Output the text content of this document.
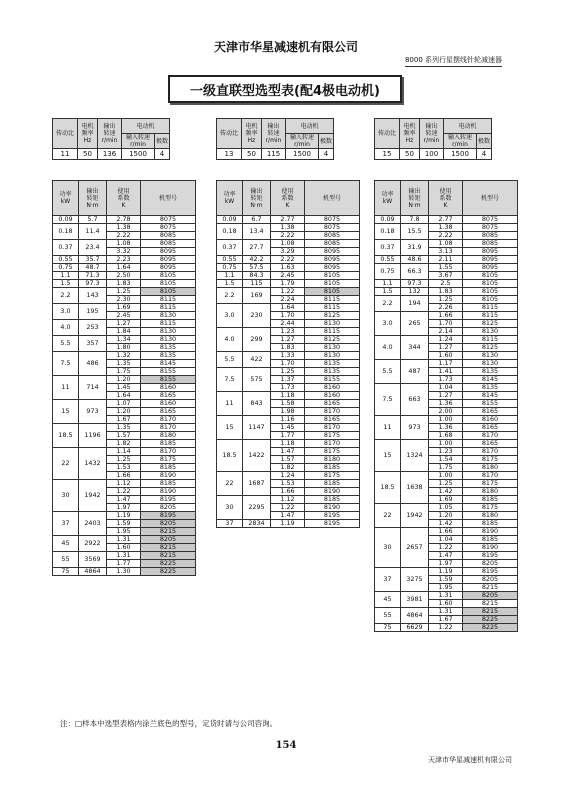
天津市华星减速机有限公司
8000 系列行星摆线针轮减速器
一级直联型选型表(配4极电动机)
传动比	电机
频率
Hz	输出
转速
r/min	电动机	
			输入转速
r/min	极数
11	50	136	1500	4
传动比	电机
频率
Hz	输出
转速
r/min	电动机	
			输入转速
r/min	极数
13	50	115	1500	4
传动比	电机
频率
Hz	输出
转速
r/min	电动机	
			输入转速
r/min	极数
15	50	100	1500	4
功率
kW	输出
转矩
N·m	使用
系数
K	机型号
0.09	5.7	2.78	8075
0.18	11.4	1.38	8075
		2.22	8085
0.37	23.4	1.08	8085
		3.32	8095
0.55	35.7	2.23	8095
0.75	48.7	1.64	8095
1.1	71.3	2.50	8105
1.5	97.3	1.83	8105
2.2	143	1.25	8105
		2.30	8115
3.0	195	1.69	8115
		2.45	8130
4.0	253	1.27	8115
		1.84	8130
5.5	357	1.34	8130
		1.80	8135
7.5	486	1.32	8135
		1.35	8145
		1.75	8155
11	714	1.20	8155
		1.45	8160
		1.64	8165
15	973	1.07	8160
		1.20	8165
		1.67	8170
18.5	1196	1.35	8170
		1.57	8180
		1.82	8185
22	1432	1.14	8170
		1.25	8175
		1.53	8185
		1.66	8190
30	1942	1.12	8185
		1.22	8190
		1.47	8195
		1.97	8205
37	2403	1.19	8195
		1.59	8205
		1.95	8215
45	2922	1.31	8205
		1.60	8215
55	3569	1.31	8215
		1.77	8225
75	4864	1.30	8225
功率
kW	输出
转矩
N·m	使用
系数
K	机型号
0.09	6.7	2.77	8075
0.18	13.4	1.38	8075
		2.22	8085
0.37	27.7	1.08	8085
		3.29	8095
0.55	42.2	2.22	8095
0.75	57.5	1.63	8095
1.1	84.3	2.45	8105
1.5	115	1.79	8105
2.2	169	1.22	8105
		2.24	8115
3.0	230	1.64	8115
		1.70	8125
		2.44	8130
4.0	299	1.23	8115
		1.27	8125
		1.83	8130
5.5	422	1.33	8130
		1.70	8135
7.5	575	1.25	8135
		1.37	8155
		1.73	8160
11	843	1.18	8160
		1.58	8165
		1.98	8170
15	1147	1.16	8165
		1.45	8170
		1.77	8175
18.5	1422	1.18	8170
		1.47	8175
		1.57	8180
		1.82	8185
22	1687	1.24	8175
		1.53	8185
		1.66	8190
30	2295	1.12	8185
		1.22	8190
		1.47	8195
37	2834	1.19	8195
功率
kW	输出
转矩
N·m	使用
系数
K	机型号
0.09	7.8	2.77	8075
0.18	15.5	1.38	8075
		2.22	8085
0.37	31.9	1.08	8085
		3.13	8095
0.55	48.6	2.11	8095
0.75	66.3	1.55	8095
		3.67	8105
1.1	97.3	2.5	8105
1.5	132	1.83	8105
2.2	194	1.25	8105
		2.26	8115
3.0	265	1.66	8115
		1.70	8125
		2.14	8130
4.0	344	1.24	8115
		1.27	8125
		1.60	8130
5.5	487	1.17	8130
		1.41	8135
		1.73	8145
7.5	663	1.04	8135
		1.27	8145
		1.36	8155
		2.00	8165
11	973	1.00	8160
		1.36	8165
		1.68	8170
15	1324	1.00	8165
		1.23	8170
		1.54	8175
		1.75	8180
18.5	1638	1.00	8170
		1.25	8175
		1.42	8180
		1.69	8185
22	1942	1.05	8175
		1.20	8180
		1.42	8185
30	2657	1.66	8190
		1.04	8185
		1.22	8190
		1.47	8195
		1.97	8205
37	3275	1.19	8195
		1.59	8205
		1.95	8215
45	3981	1.31	8205
		1.60	8215
55	4864	1.31	8215
		1.67	8225
75	6629	1.22	8225
注：□样本中选型表格内涂兰底色的型号，定货时请与公司咨询。
154
天津市华星减速机有限公司
